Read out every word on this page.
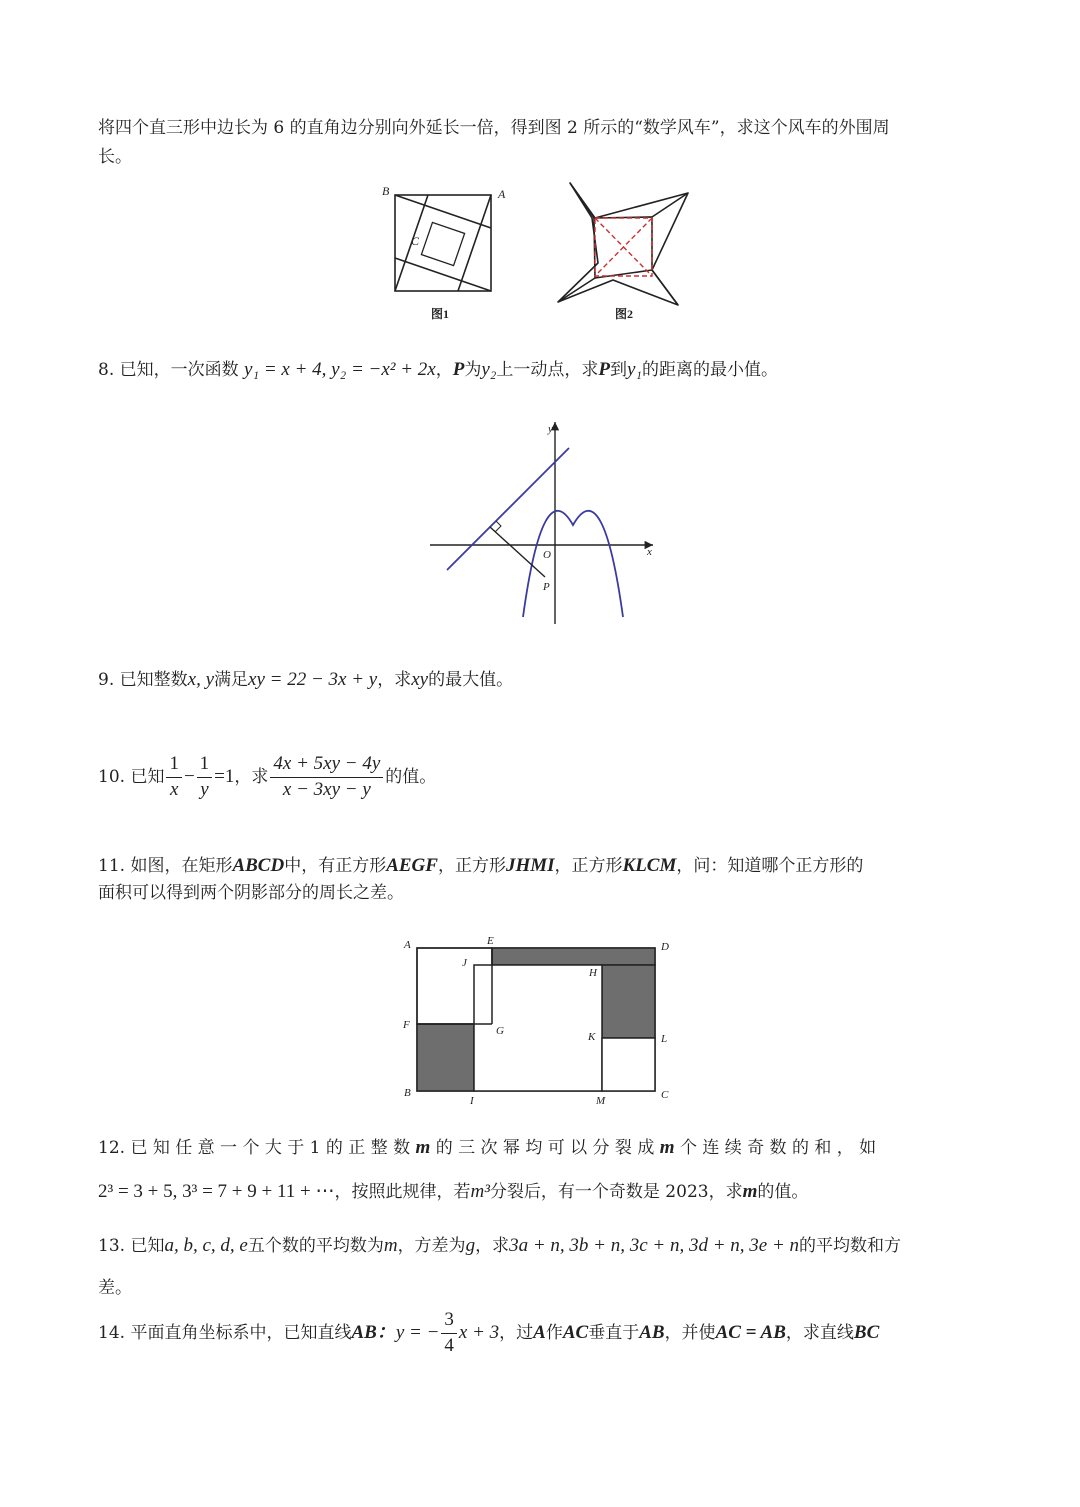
将四个直三形中边长为 6 的直角边分别向外延长一倍，得到图 2 所示的“数学风车”，求这个风车的外围周
长。
B	A
C
图1	图2
8. 已知，一次函数 y₁ = x + 4, y₂ = −x² + 2x，P为y₂上一动点，求P到y₁的距离的最小值。
y
x
O
P
9. 已知整数x, y满足xy = 22 − 3x + y，求xy的最大值。
10. 已知 $\frac{1}{x} - \frac{1}{y} =1$，求 $\frac{4x + 5xy - 4y}{x - 3xy - y}$ 的值。
11. 如图，在矩形ABCD中，有正方形AEGF，正方形JHMI，正方形KLCM，问：知道哪个正方形的
面积可以得到两个阴影部分的周长之差。
A	E	D
J
H
F	G	K	L
B
I	M	C
12. 已 知 任 意 一 个 大 于 1 的 正 整 数 m 的 三 次 幂 均 可 以 分 裂 成 m 个 连 续 奇 数 的 和 ， 如
2³ = 3 + 5, 3³ = 7 + 9 + 11 + ⋯，按照此规律，若m³分裂后，有一个奇数是 2023，求m的值。
13. 已知a, b, c, d, e五个数的平均数为m，方差为g，求3a + n, 3b + n, 3c + n, 3d + n, 3e + n的平均数和方
差。
14. 平面直角坐标系中，已知直线AB：y = − $\frac{3}{4}$ x + 3，过A作AC垂直于AB，并使AC = AB，求直线BC
